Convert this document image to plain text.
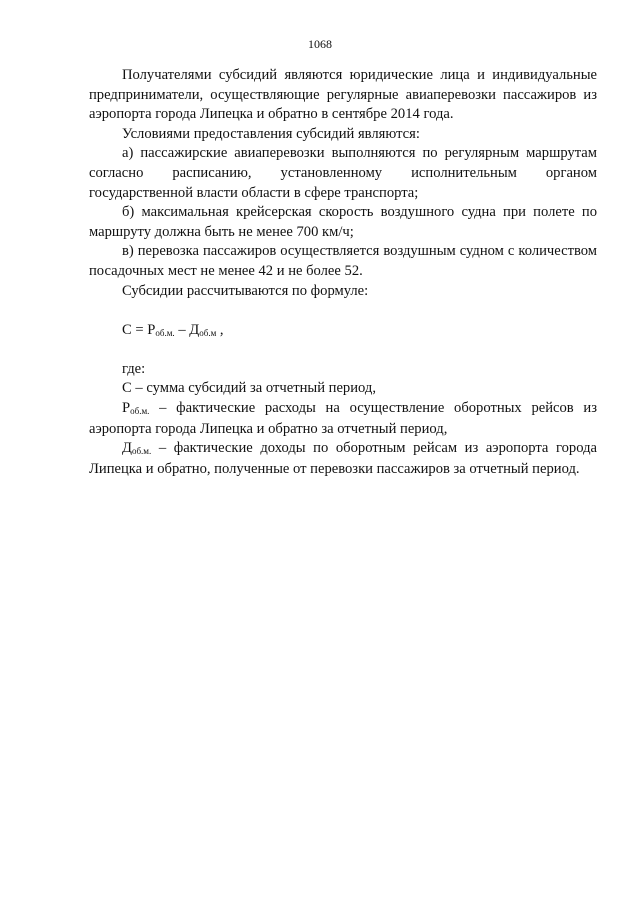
1068

Получателями субсидий являются юридические лица и индивидуальные предприниматели, осуществляющие регулярные авиаперевозки пассажиров из аэропорта города Липецка и обратно в сентябре 2014 года.

Условиями предоставления субсидий являются:

а) пассажирские авиаперевозки выполняются по регулярным маршрутам согласно расписанию, установленному исполнительным органом государственной власти области в сфере транспорта;

б) максимальная крейсерская скорость воздушного судна при полете по маршруту должна быть не менее 700 км/ч;

в) перевозка пассажиров осуществляется воздушным судном с количеством посадочных мест не менее 42 и не более 52.

Субсидии рассчитываются по формуле:

С = Роб.м. – Доб.м ,

где:

С – сумма субсидий за отчетный период,

Роб.м. – фактические расходы на осуществление оборотных рейсов из аэропорта города Липецка и обратно за отчетный период,

Доб.м. – фактические доходы по оборотным рейсам из аэропорта города Липецка и обратно, полученные от перевозки пассажиров за отчетный период.
